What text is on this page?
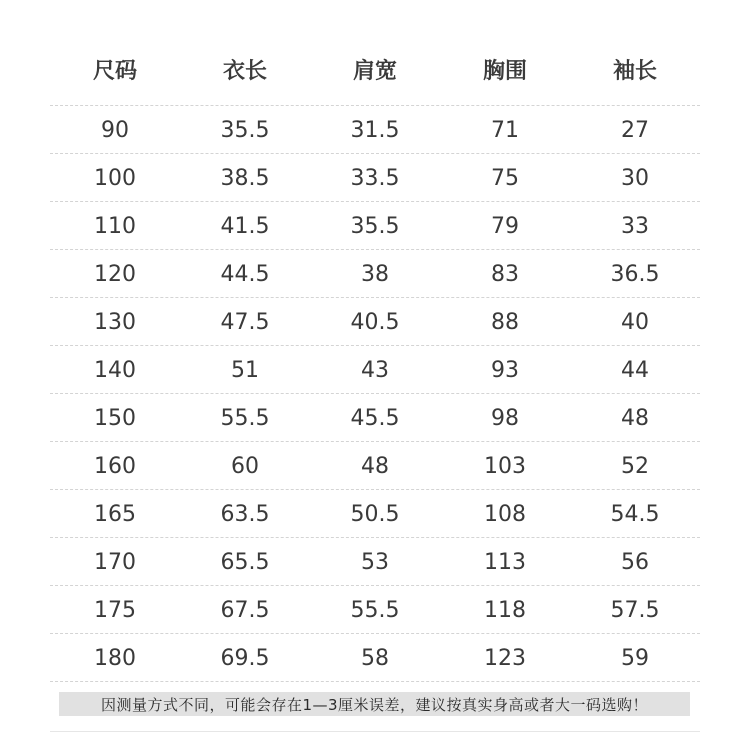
尺码	衣长	肩宽	胸围	袖长
90	35.5	31.5	71	27
100	38.5	33.5	75	30
110	41.5	35.5	79	33
120	44.5	38	83	36.5
130	47.5	40.5	88	40
140	51	43	93	44
150	55.5	45.5	98	48
160	60	48	103	52
165	63.5	50.5	108	54.5
170	65.5	53	113	56
175	67.5	55.5	118	57.5
180	69.5	58	123	59
因测量方式不同，可能会存在1—3厘米误差，建议按真实身高或者大一码选购！
